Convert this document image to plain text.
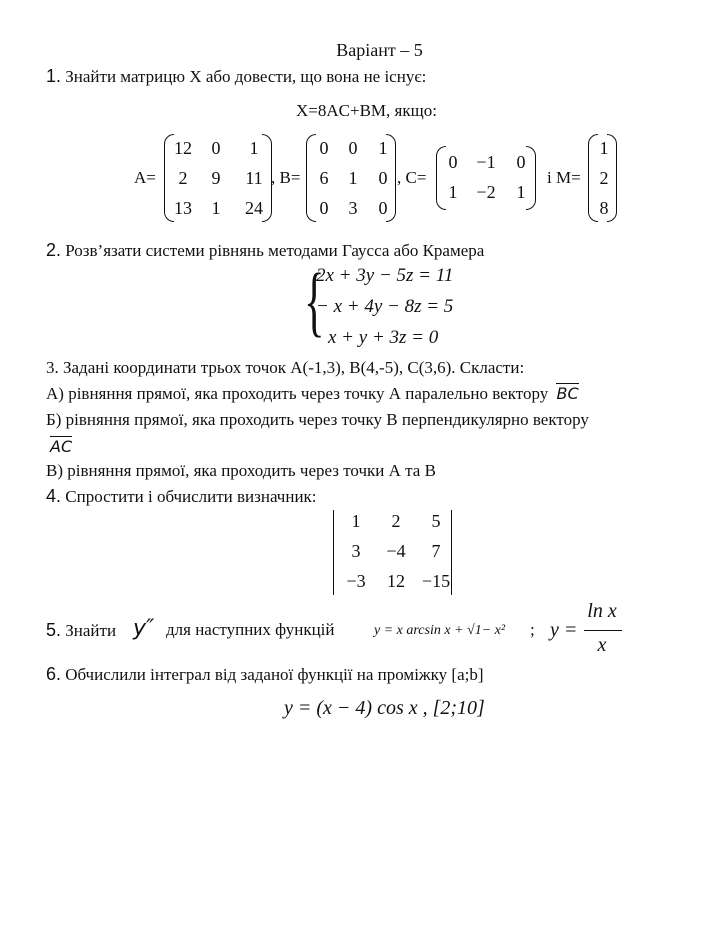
Варіант – 5
1. Знайти матрицю X або довести, що вона не існує:
X=8AC+BM, якщо:
A=
12	0	1
2	9	11
13	1	24
, B=
0	0	1
6	1	0
0	3	0
, C=
0	−1	0
1	−2	1
і M=
1
2
8
2. Розв’язати системи рівнянь методами Гаусса або Крамера
{
2x + 3y − 5z = 11
− x + 4y − 8z = 5
x + y + 3z = 0
3. Задані координати трьох точок A(-1,3), B(4,-5), C(3,6). Скласти:
А) рівняння прямої, яка проходить через точку А паралельно вектору BC
Б) рівняння прямої, яка проходить через точку В перпендикулярно вектору
AC
В) рівняння прямої, яка проходить через точки А та В
4. Спростити і обчислити визначник:
1	2	5
3	−4	7
−3	12 −15
5. Знайти y″ для наступних функцій	y = x arcsin x + √1− x² ; y =
ln x
x
6. Обчислили інтеграл від заданої функції на проміжку [a;b]
y = (x − 4) cos x , [2;10]
